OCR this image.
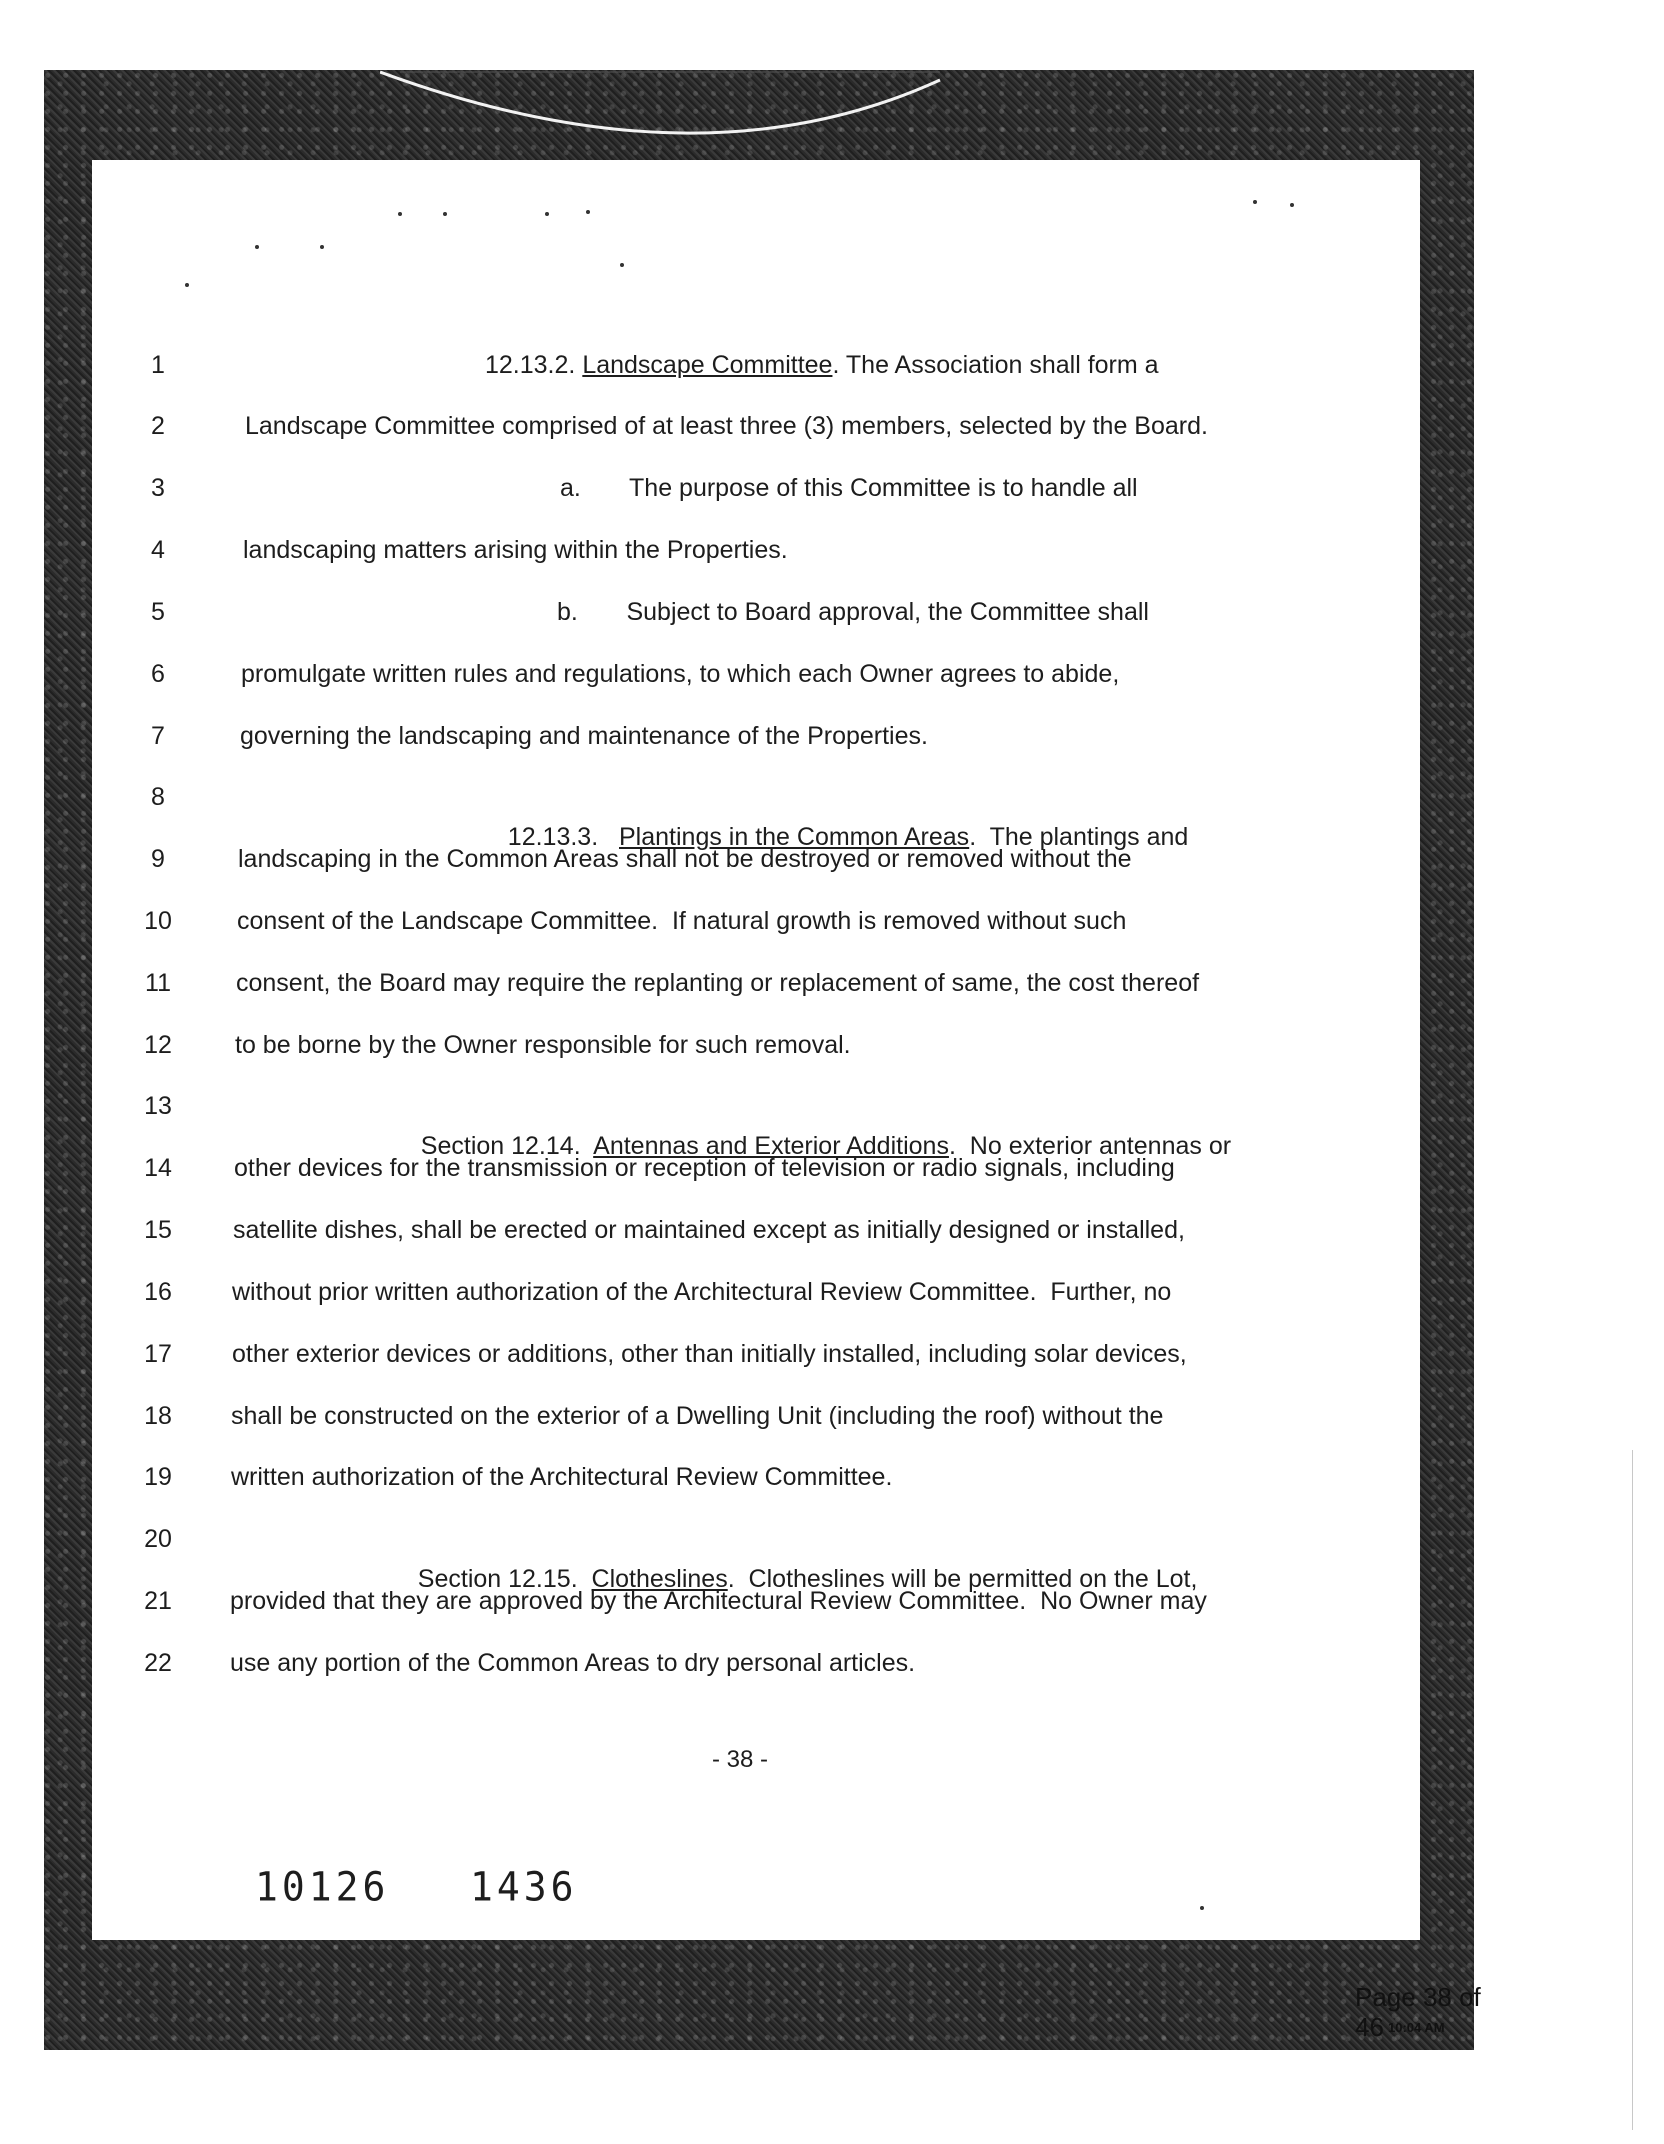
1	12.13.2. Landscape Committee. The Association shall form a
2	Landscape Committee comprised of at least three (3) members, selected by the Board.
3	a.       The purpose of this Committee is to handle all
4	landscaping matters arising within the Properties.
5	b.       Subject to Board approval, the Committee shall
6	promulgate written rules and regulations, to which each Owner agrees to abide,
7	governing the landscaping and maintenance of the Properties.
8

12.13.3.   Plantings in the Common Areas.  The plantings and

9	landscaping in the Common Areas shall not be destroyed or removed without the
10	consent of the Landscape Committee.  If natural growth is removed without such
11	consent, the Board may require the replanting or replacement of same, the cost thereof
12	to be borne by the Owner responsible for such removal.
13

Section 12.14.  Antennas and Exterior Additions.  No exterior antennas or

14	other devices for the transmission or reception of television or radio signals, including
15	satellite dishes, shall be erected or maintained except as initially designed or installed,
16	without prior written authorization of the Architectural Review Committee.  Further, no
17	other exterior devices or additions, other than initially installed, including solar devices,
18	shall be constructed on the exterior of a Dwelling Unit (including the roof) without the
19	written authorization of the Architectural Review Committee.
20

Section 12.15.  Clotheslines.  Clotheslines will be permitted on the Lot,

21	provided that they are approved by the Architectural Review Committee.  No Owner may
22	use any portion of the Common Areas to dry personal articles.
- 38 -
10126   1436
Page 38 of 46 10:04 AM
